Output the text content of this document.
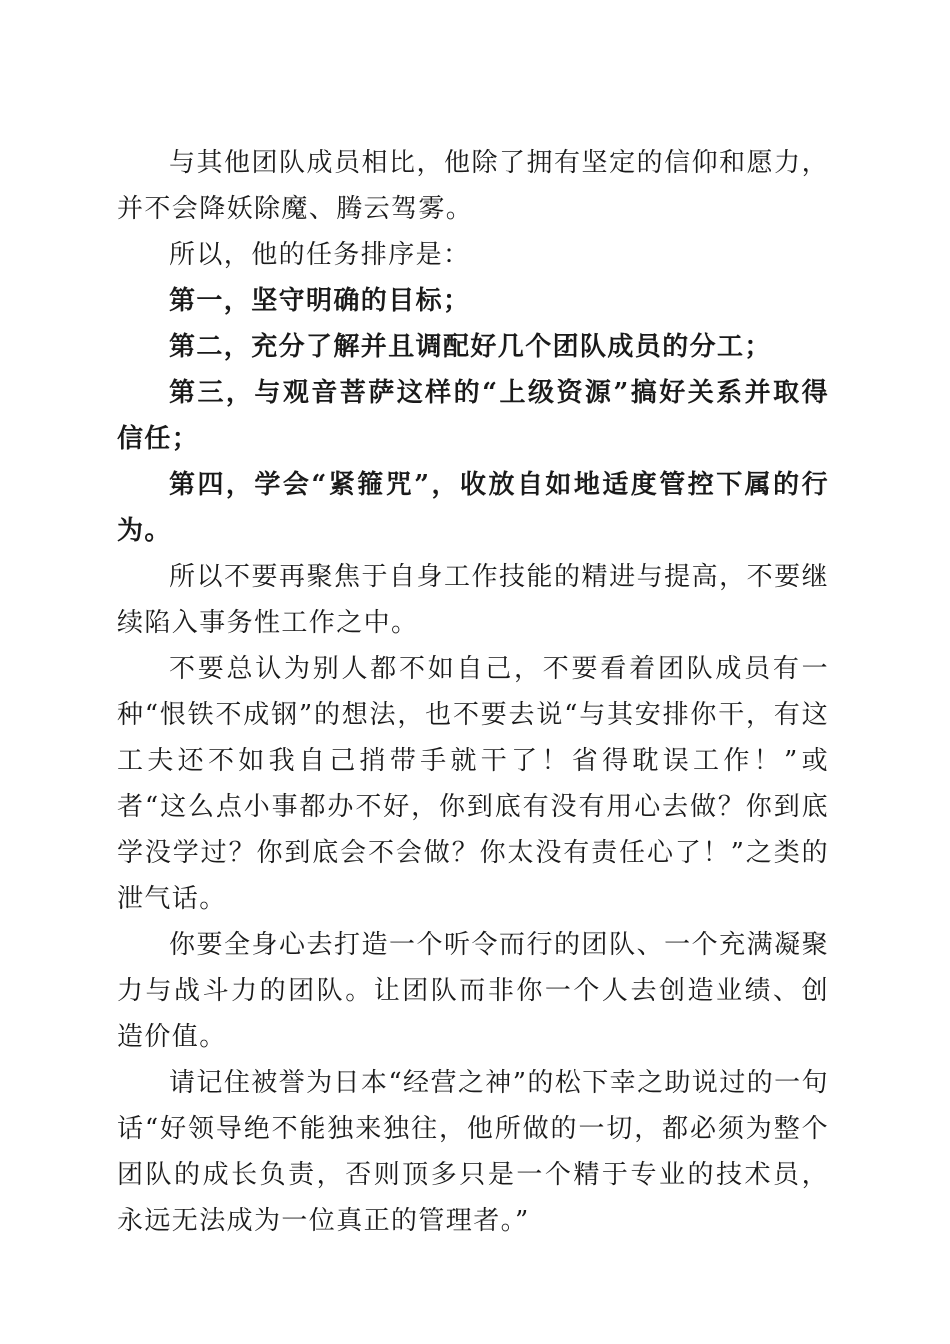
与其他团队成员相比，他除了拥有坚定的信仰和愿力，并不会降妖除魔、腾云驾雾。

所以，他的任务排序是：

第一，坚守明确的目标；

第二，充分了解并且调配好几个团队成员的分工；

第三，与观音菩萨这样的“上级资源”搞好关系并取得信任；

第四，学会“紧箍咒”，收放自如地适度管控下属的行为。

所以不要再聚焦于自身工作技能的精进与提高，不要继续陷入事务性工作之中。

不要总认为别人都不如自己，不要看着团队成员有一种“恨铁不成钢”的想法，也不要去说“与其安排你干，有这工夫还不如我自己捎带手就干了！省得耽误工作！”或者“这么点小事都办不好，你到底有没有用心去做？你到底学没学过？你到底会不会做？你太没有责任心了！”之类的泄气话。

你要全身心去打造一个听令而行的团队、一个充满凝聚力与战斗力的团队。让团队而非你一个人去创造业绩、创造价值。

请记住被誉为日本“经营之神”的松下幸之助说过的一句话“好领导绝不能独来独往，他所做的一切，都必须为整个团队的成长负责，否则顶多只是一个精于专业的技术员，永远无法成为一位真正的管理者。”
